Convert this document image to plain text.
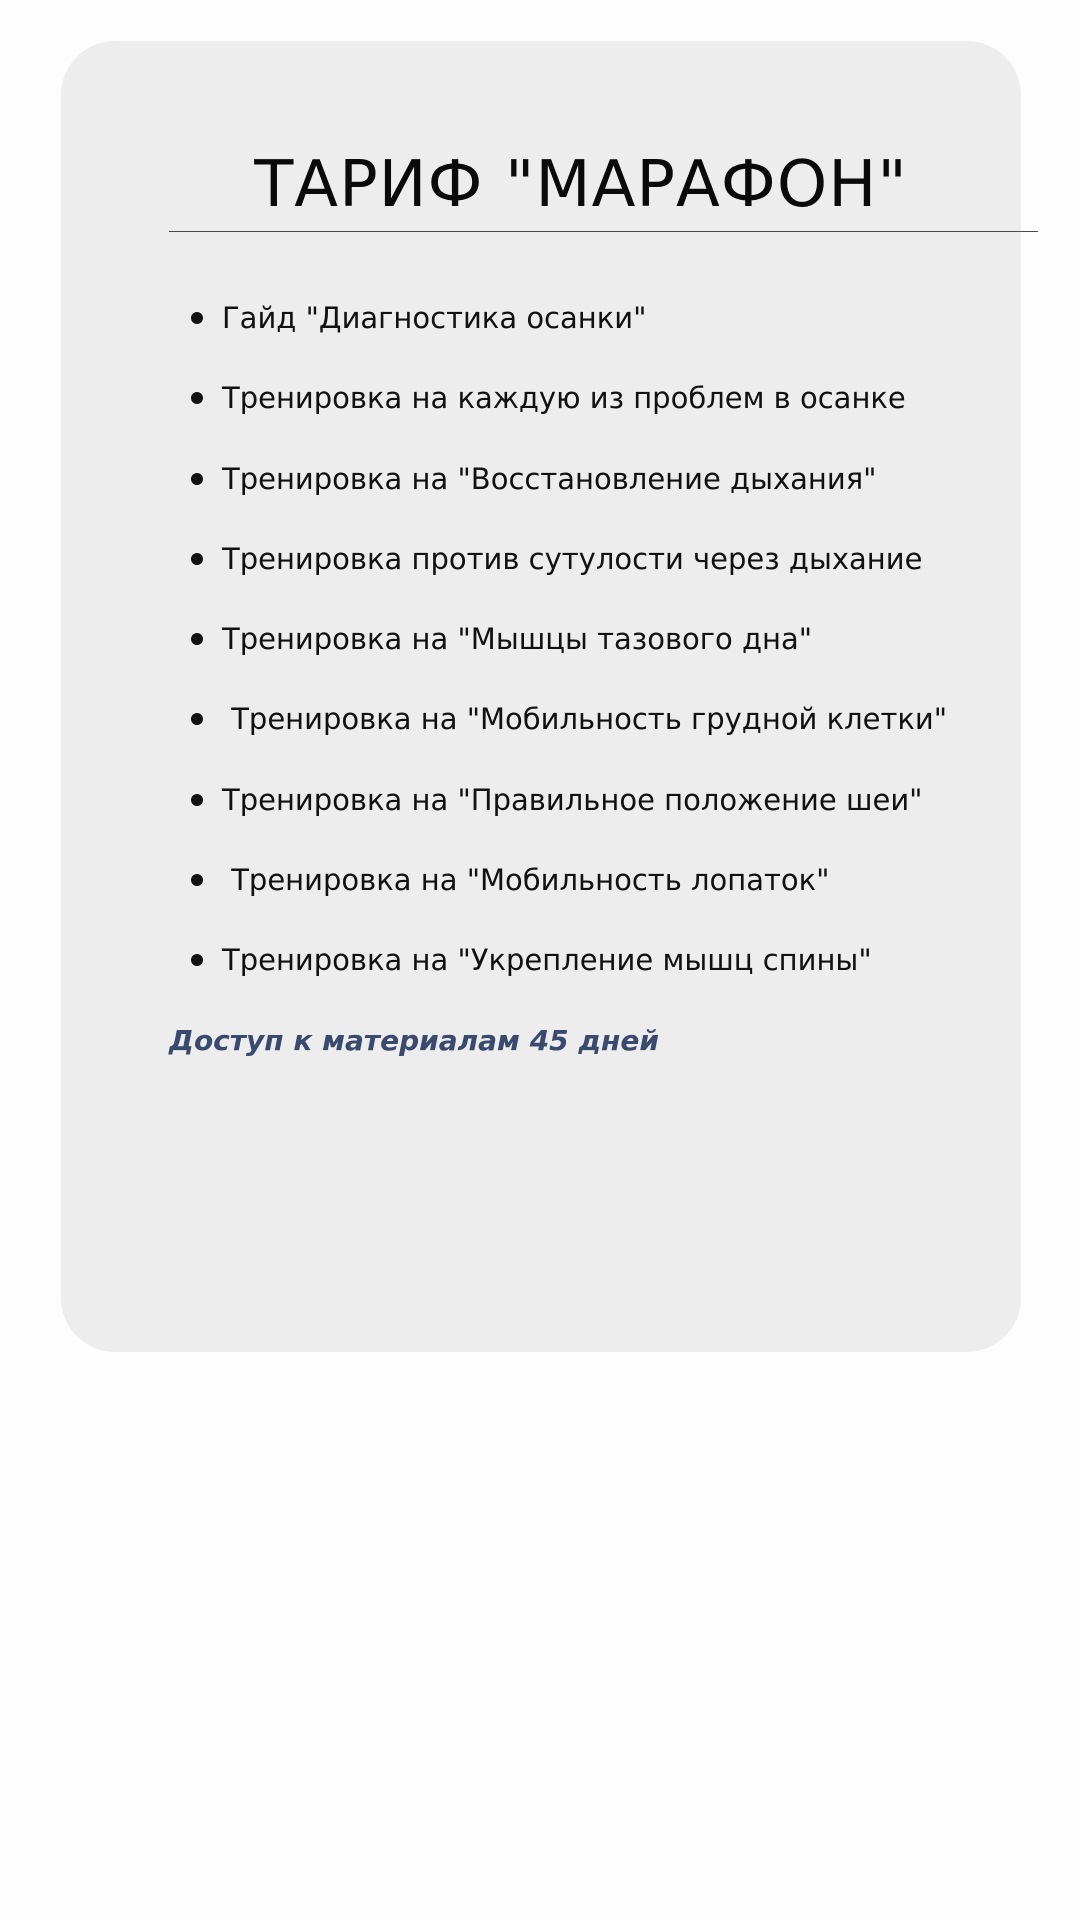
ТАРИФ "МАРАФОН"
Гайд "Диагностика осанки"
Тренировка на каждую из проблем в осанке
Тренировка на "Восстановление дыхания"
Тренировка против сутулости через дыхание
Тренировка на "Мышцы тазового дна"
Тренировка на "Мобильность грудной клетки"
Тренировка на "Правильное положение шеи"
Тренировка на "Мобильность лопаток"
Тренировка на "Укрепление мышц спины"

Доступ к материалам 45 дней
